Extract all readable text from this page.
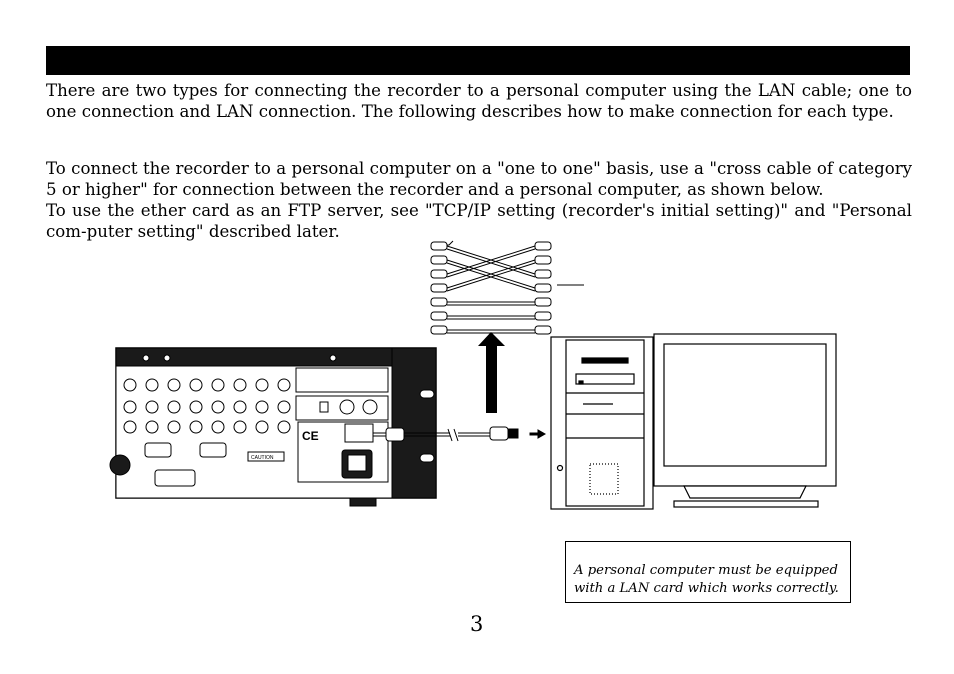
There are two types for connecting the recorder to a personal computer using the LAN cable; one to one connection and LAN connection. The following describes how to make connection for each type.

To connect the recorder to a personal computer on a "one to one" basis, use a "cross cable of category 5 or higher" for connection between the recorder and a personal computer, as shown below.

To use the ether card as an FTP server, see "TCP/IP setting (recorder's initial setting)" and "Personal com-puter setting" described later.

CAUTION
CE
A personal computer must be equipped
with a LAN card which works correctly.
3
